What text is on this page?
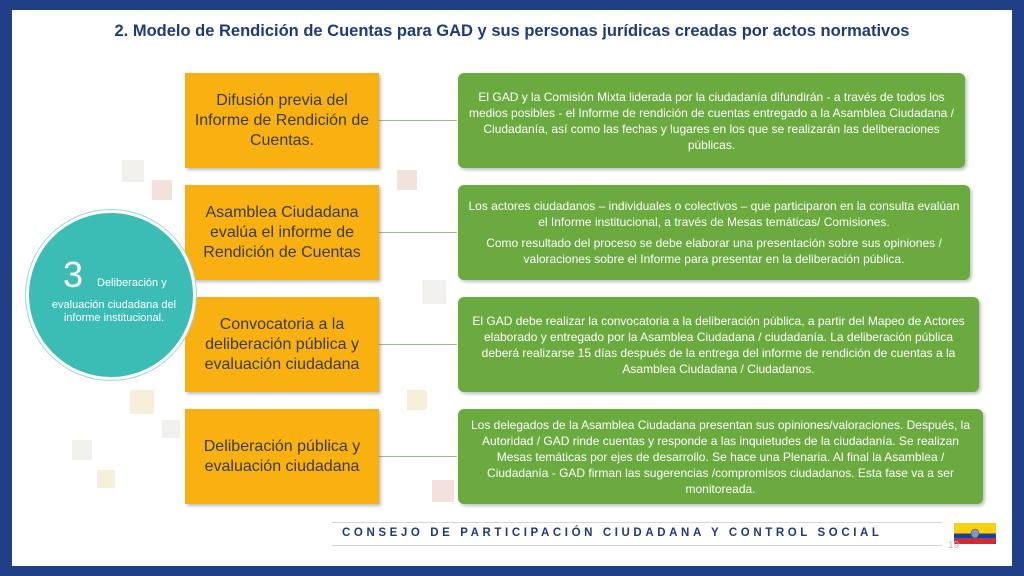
2. Modelo de Rendición de Cuentas para GAD y sus personas jurídicas creadas por actos normativos
Difusión previa del Informe de Rendición de Cuentas.

El GAD y la Comisión Mixta liderada por la ciudadanía difundirán - a través de todos los medios posibles - el Informe de rendición de cuentas entregado a la Asamblea Ciudadana / Ciudadanía, así como las fechas y lugares en los que se realizarán las deliberaciones públicas.

Asamblea Ciudadana evalúa el informe de Rendición de Cuentas

Los actores ciudadanos – individuales o colectivos – que participaron en la consulta evalúan el Informe institucional, a través de Mesas temáticas/ Comisiones.

Como resultado del proceso se debe elaborar una presentación sobre sus opiniones / valoraciones sobre el Informe para presentar en la deliberación pública.

Convocatoria a la deliberación pública y evaluación ciudadana

El GAD debe realizar la convocatoria a la deliberación pública, a partir del Mapeo de Actores elaborado y entregado por la Asamblea Ciudadana / ciudadanía. La deliberación pública deberá realizarse 15 días después de la entrega del informe de rendición de cuentas a la Asamblea Ciudadana / Ciudadanos.

Deliberación pública y evaluación ciudadana

Los delegados de la Asamblea Ciudadana presentan sus opiniones/valoraciones. Después, la Autoridad / GAD rinde cuentas y responde a las inquietudes de la ciudadanía. Se realizan Mesas temáticas por ejes de desarrollo. Se hace una Plenaria. Al final la Asamblea / Ciudadanía - GAD firman las sugerencias /compromisos ciudadanos. Esta fase va a ser monitoreada.

3 Deliberación y
evaluación ciudadana del informe institucional.
CONSEJO DE PARTICIPACIÓN CIUDADANA Y CONTROL SOCIAL
19
